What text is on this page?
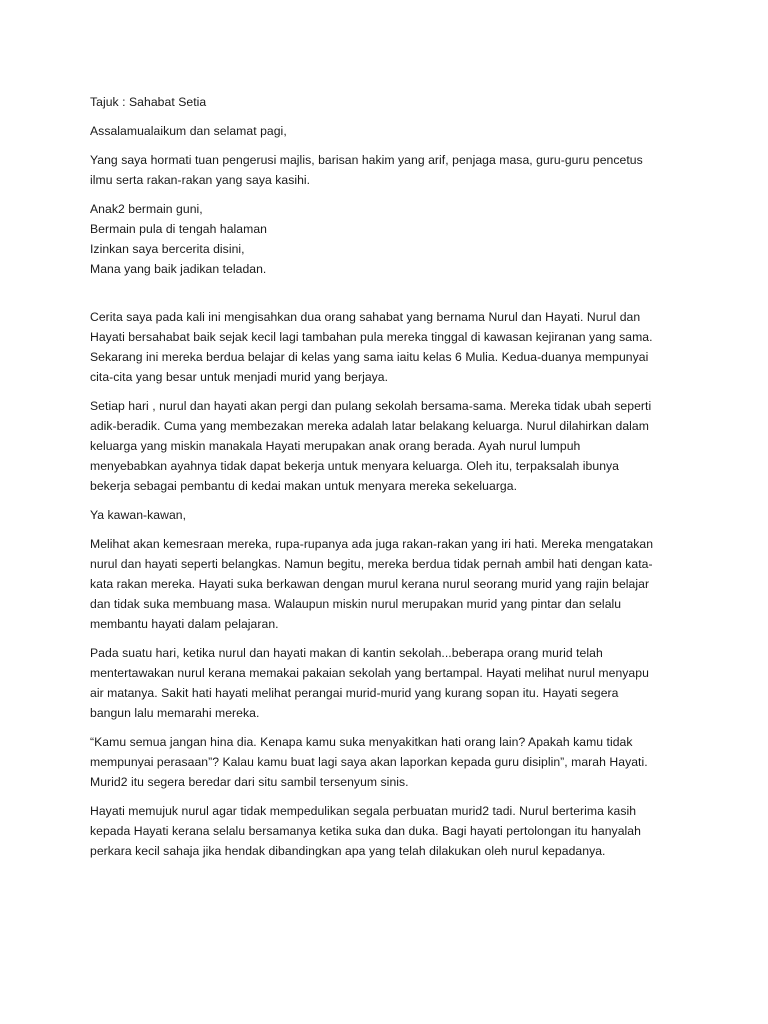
Tajuk : Sahabat Setia

Assalamualaikum dan selamat pagi,

Yang saya hormati tuan pengerusi majlis, barisan hakim yang arif, penjaga masa, guru-guru pencetus
ilmu serta rakan-rakan yang saya kasihi.

Anak2 bermain guni,
Bermain pula di tengah halaman
Izinkan saya bercerita disini,
Mana yang baik jadikan teladan.

Cerita saya pada kali ini mengisahkan dua orang sahabat yang bernama Nurul dan Hayati. Nurul dan
Hayati bersahabat baik sejak kecil lagi tambahan pula mereka tinggal di kawasan kejiranan yang sama.
Sekarang ini mereka berdua belajar di kelas yang sama iaitu kelas 6 Mulia. Kedua-duanya mempunyai
cita-cita yang besar untuk menjadi murid yang berjaya.

Setiap hari , nurul dan hayati akan pergi dan pulang sekolah bersama-sama. Mereka tidak ubah seperti
adik-beradik. Cuma yang membezakan mereka adalah latar belakang keluarga. Nurul dilahirkan dalam
keluarga yang miskin manakala Hayati merupakan anak orang berada. Ayah nurul lumpuh
menyebabkan ayahnya tidak dapat bekerja untuk menyara keluarga. Oleh itu, terpaksalah ibunya
bekerja sebagai pembantu di kedai makan untuk menyara mereka sekeluarga.

Ya kawan-kawan,

Melihat akan kemesraan mereka, rupa-rupanya ada juga rakan-rakan yang iri hati. Mereka mengatakan
nurul dan hayati seperti belangkas. Namun begitu, mereka berdua tidak pernah ambil hati dengan kata-
kata rakan mereka. Hayati suka berkawan dengan murul kerana nurul seorang murid yang rajin belajar
dan tidak suka membuang masa. Walaupun miskin nurul merupakan murid yang pintar dan selalu
membantu hayati dalam pelajaran.

Pada suatu hari, ketika nurul dan hayati makan di kantin sekolah...beberapa orang murid telah
mentertawakan nurul kerana memakai pakaian sekolah yang bertampal. Hayati melihat nurul menyapu
air matanya. Sakit hati hayati melihat perangai murid-murid yang kurang sopan itu. Hayati segera
bangun lalu memarahi mereka.

“Kamu semua jangan hina dia. Kenapa kamu suka menyakitkan hati orang lain? Apakah kamu tidak
mempunyai perasaan”? Kalau kamu buat lagi saya akan laporkan kepada guru disiplin”, marah Hayati.
Murid2 itu segera beredar dari situ sambil tersenyum sinis.

Hayati memujuk nurul agar tidak mempedulikan segala perbuatan murid2 tadi. Nurul berterima kasih
kepada Hayati kerana selalu bersamanya ketika suka dan duka. Bagi hayati pertolongan itu hanyalah
perkara kecil sahaja jika hendak dibandingkan apa yang telah dilakukan oleh nurul kepadanya.
